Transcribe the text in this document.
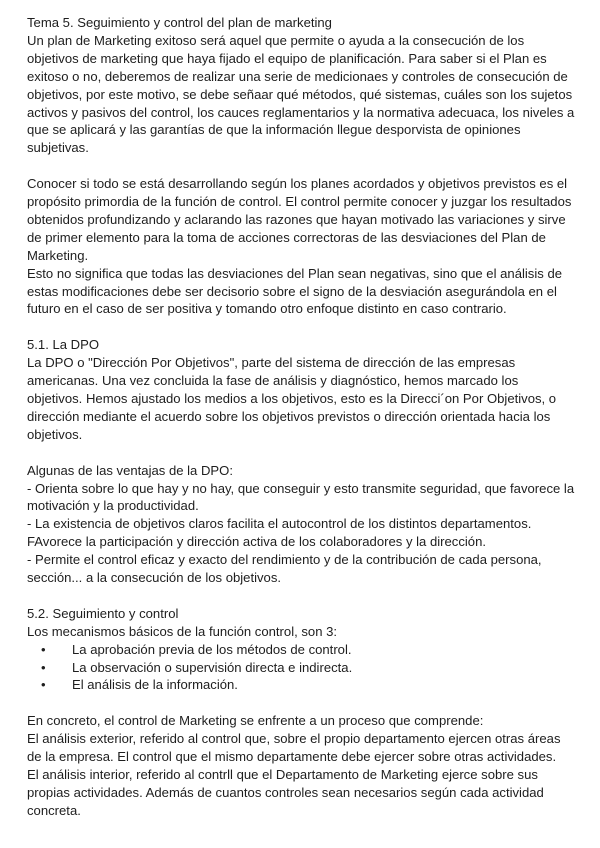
Tema 5. Seguimiento y control del plan de marketing

Un plan de Marketing exitoso será aquel que permite o ayuda a la consecución de los objetivos de marketing que haya fijado el equipo de planificación. Para saber si el Plan es exitoso o no, deberemos de realizar una serie de medicionaes y controles de consecución de objetivos, por este motivo, se debe señaar qué métodos, qué sistemas, cuáles son los sujetos activos y pasivos del control, los cauces reglamentarios y la normativa adecuaca, los niveles a que se aplicará y las garantías de que la información llegue desporvista de opiniones subjetivas.

Conocer si todo se está desarrollando según los planes acordados y objetivos previstos es el propósito primordia de la función de control. El control permite conocer y juzgar los resultados obtenidos profundizando y aclarando las razones que hayan motivado las variaciones y sirve de primer elemento para la toma de acciones correctoras de las desviaciones del Plan de Marketing.

Esto no significa que todas las desviaciones del Plan sean negativas, sino que el análisis de estas modificaciones debe ser decisorio sobre el signo de la desviación asegurándola en el futuro en el caso de ser positiva y tomando otro enfoque distinto en caso contrario.

5.1. La DPO

La DPO o "Dirección Por Objetivos", parte del sistema de dirección de las empresas americanas. Una vez concluida la fase de análisis y diagnóstico, hemos marcado los objetivos. Hemos ajustado los medios a los objetivos, esto es la Direcci´on Por Objetivos, o dirección mediante el acuerdo sobre los objetivos previstos o dirección orientada hacia los objetivos.

Algunas de las ventajas de la DPO:

- Orienta sobre lo que hay y no hay, que conseguir y esto transmite seguridad, que favorece la motivación y la productividad.

- La existencia de objetivos claros facilita el autocontrol de los distintos departamentos. FAvorece la participación y dirección activa de los colaboradores y la dirección.

- Permite el control eficaz y exacto del rendimiento y de la contribución de cada persona, sección... a la consecución de los objetivos.

5.2. Seguimiento y control

Los mecanismos básicos de la función control, son 3:

• La aprobación previa de los métodos de control.
• La observación o supervisión directa e indirecta.
• El análisis de la información.

En concreto, el control de Marketing se enfrente a un proceso que comprende:

El análisis exterior, referido al control que, sobre el propio departamento ejercen otras áreas de la empresa. El control que el mismo departamente debe ejercer sobre otras actividades.

El análisis interior, referido al contrll que el Departamento de Marketing ejerce sobre sus propias actividades. Además de cuantos controles sean necesarios según cada actividad concreta.
